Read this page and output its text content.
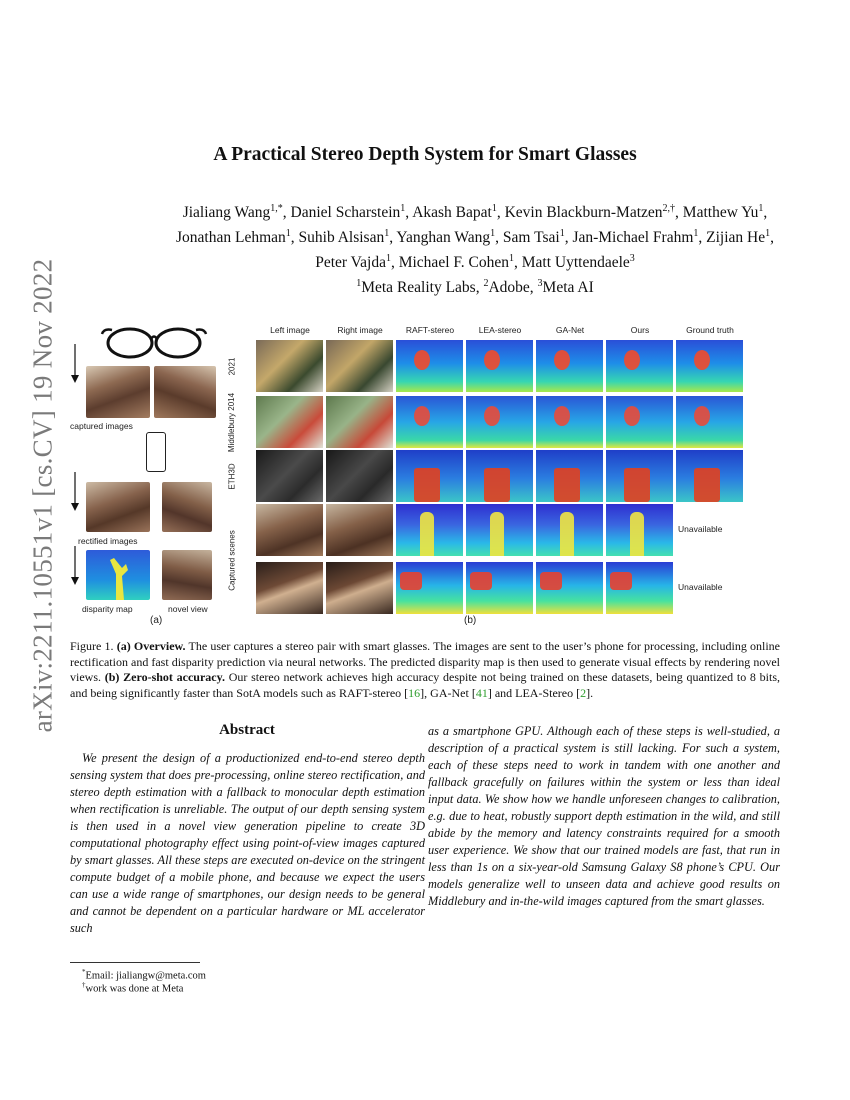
arXiv:2211.10551v1 [cs.CV] 19 Nov 2022
A Practical Stereo Depth System for Smart Glasses
Jialiang Wang$^{1,*}$, Daniel Scharstein$^1$, Akash Bapat$^1$, Kevin Blackburn-Matzen$^{2,\dagger}$, Matthew Yu$^1$,
Jonathan Lehman$^1$, Suhib Alsisan$^1$, Yanghan Wang$^1$, Sam Tsai$^1$, Jan-Michael Frahm$^1$, Zijian He$^1$,
Peter Vajda$^1$, Michael F. Cohen$^1$, Matt Uyttendaele$^3$
$^1$Meta Reality Labs, $^2$Adobe, $^3$Meta AI
captured images
rectified images
disparity map	novel view
(a)
Left image	Right image	RAFT-stereo	LEA-stereo	GA-Net	Ours	Ground truth
2021
Middlebury 2014
ETH3D
Captured scenes
Unavailable
Unavailable
(b)
Figure 1. (a) Overview. The user captures a stereo pair with smart glasses. The images are sent to the user’s phone for processing, including online rectification and fast disparity prediction via neural networks. The predicted disparity map is then used to generate visual effects by rendering novel views. (b) Zero-shot accuracy. Our stereo network achieves high accuracy despite not being trained on these datasets, being quantized to 8 bits, and being significantly faster than SotA models such as RAFT-stereo [16], GA-Net [41] and LEA-Stereo [2].
Abstract
We present the design of a productionized end-to-end stereo depth sensing system that does pre-processing, online stereo rectification, and stereo depth estimation with a fallback to monocular depth estimation when rectification is unreliable. The output of our depth sensing system is then used in a novel view generation pipeline to create 3D computational photography effect using point-of-view images captured by smart glasses. All these steps are executed on-device on the stringent compute budget of a mobile phone, and because we expect the users can use a wide range of smartphones, our design needs to be general and cannot be dependent on a particular hardware or ML accelerator such
as a smartphone GPU. Although each of these steps is well-studied, a description of a practical system is still lacking. For such a system, each of these steps need to work in tandem with one another and fallback gracefully on failures within the system or less than ideal input data. We show how we handle unforeseen changes to calibration, e.g. due to heat, robustly support depth estimation in the wild, and still abide by the memory and latency constraints required for a smooth user experience. We show that our trained models are fast, that run in less than 1s on a six-year-old Samsung Galaxy S8 phone’s CPU. Our models generalize well to unseen data and achieve good results on Middlebury and in-the-wild images captured from the smart glasses.
*Email: jialiangw@meta.com
†work was done at Meta
